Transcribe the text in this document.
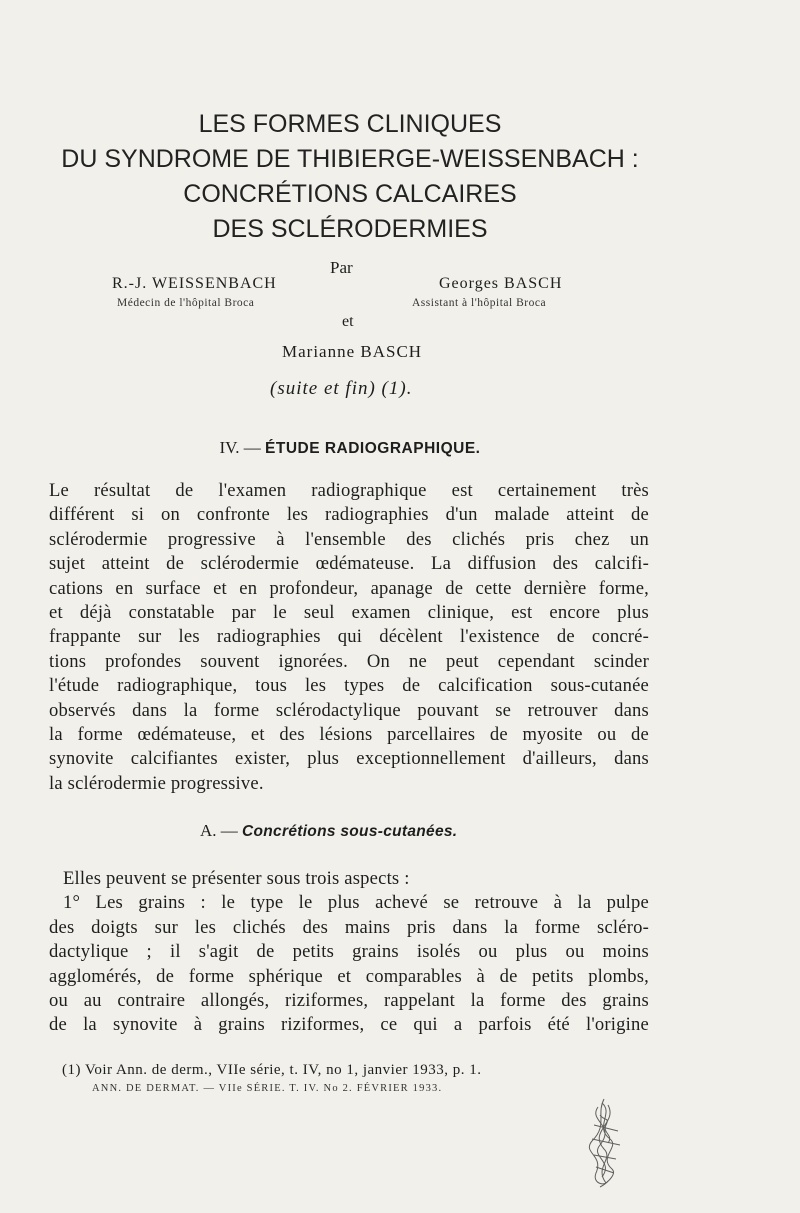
LES FORMES CLINIQUES
DU SYNDROME DE THIBIERGE-WEISSENBACH :
CONCRÉTIONS CALCAIRES
DES SCLÉRODERMIES
Par
R.-J. WEISSENBACH
Médecin de l'hôpital Broca
Georges BASCH
Assistant à l'hôpital Broca
et
Marianne BASCH
(suite et fin) (1).
IV. — ÉTUDE RADIOGRAPHIQUE.
Le résultat de l'examen radiographique est certainement très
différent si on confronte les radiographies d'un malade atteint de
sclérodermie progressive à l'ensemble des clichés pris chez un
sujet atteint de sclérodermie œdémateuse. La diffusion des calcifi-
cations en surface et en profondeur, apanage de cette dernière forme,
et déjà constatable par le seul examen clinique, est encore plus
frappante sur les radiographies qui décèlent l'existence de concré-
tions profondes souvent ignorées. On ne peut cependant scinder
l'étude radiographique, tous les types de calcification sous-cutanée
observés dans la forme sclérodactylique pouvant se retrouver dans
la forme œdémateuse, et des lésions parcellaires de myosite ou de
synovite calcifiantes exister, plus exceptionnellement d'ailleurs, dans
la sclérodermie progressive.
A. — Concrétions sous-cutanées.
Elles peuvent se présenter sous trois aspects :
1° Les grains : le type le plus achevé se retrouve à la pulpe
des doigts sur les clichés des mains pris dans la forme scléro-
dactylique ; il s'agit de petits grains isolés ou plus ou moins
agglomérés, de forme sphérique et comparables à de petits plombs,
ou au contraire allongés, riziformes, rappelant la forme des grains
de la synovite à grains riziformes, ce qui a parfois été l'origine
(1) Voir Ann. de derm., VIIe série, t. IV, no 1, janvier 1933, p. 1.
ANN. DE DERMAT. — VIIe SÉRIE. T. IV. No 2. FÉVRIER 1933.
